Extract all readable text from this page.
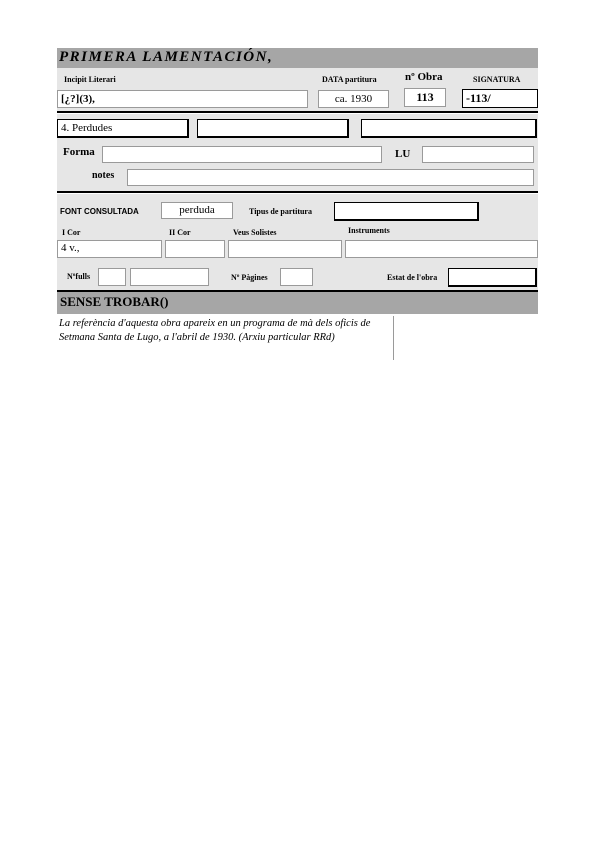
PRIMERA LAMENTACIÓN,
Incipit Literari	DATA partitura	nº Obra	SIGNATURA
[¿?](3),	ca. 1930	113	-113/
4. Perdudes
Forma	LU
notes
FONT CONSULTADA	perduda	Tipus de partitura
I Cor	II Cor	Veus Solistes	Instruments
4 v.,
Nºfulls	Nº Pàgines	Estat de l'obra
SENSE TROBAR()
La referència d'aquesta obra apareix en un programa de mà dels oficis de Setmana Santa de Lugo, a l'abril de 1930. (Arxiu particular RRd)
